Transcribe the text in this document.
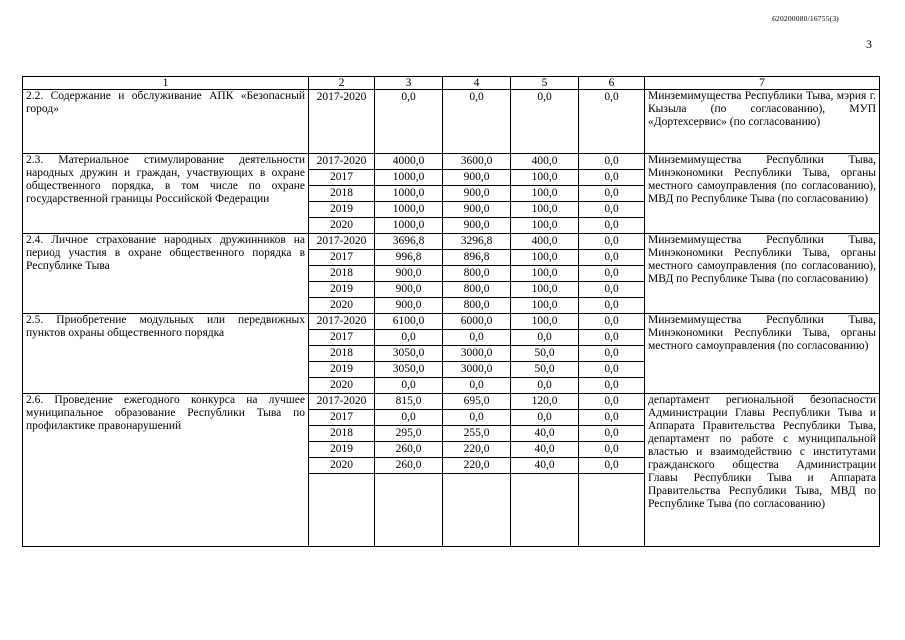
620200080/16755(3)
3
1	2	3	4	5	6	7
2.2. Содержание и обслуживание АПК «Безопасный город»	2017-2020	0,0	0,0	0,0	0,0	Минземимущества Республики Тыва, мэрия г. Кызыла (по согласованию), МУП «Дортехсервис» (по согласованию)
2.3. Материальное стимулирование деятельности народных дружин и граждан, участвующих в охране общественного порядка, в том числе по охране государственной границы Российской Федерации	2017-2020	4000,0	3600,0	400,0	0,0	Минземимущества Республики Тыва, Минэкономики Республики Тыва, органы местного самоуправления (по согласованию), МВД по Республике Тыва (по согласованию)
	2017	1000,0	900,0	100,0	0,0	
	2018	1000,0	900,0	100,0	0,0	
	2019	1000,0	900,0	100,0	0,0	
	2020	1000,0	900,0	100,0	0,0	
2.4. Личное страхование народных дружинников на период участия в охране общественного порядка в Республике Тыва	2017-2020	3696,8	3296,8	400,0	0,0	Минземимущества Республики Тыва, Минэкономики Республики Тыва, органы местного самоуправления (по согласованию), МВД по Республике Тыва (по согласованию)
	2017	996,8	896,8	100,0	0,0	
	2018	900,0	800,0	100,0	0,0	
	2019	900,0	800,0	100,0	0,0	
	2020	900,0	800,0	100,0	0,0	
2.5. Приобретение модульных или передвижных пунктов охраны общественного порядка	2017-2020	6100,0	6000,0	100,0	0,0	Минземимущества Республики Тыва, Минэкономики Республики Тыва, органы местного самоуправления (по согласованию)
	2017	0,0	0,0	0,0	0,0	
	2018	3050,0	3000,0	50,0	0,0	
	2019	3050,0	3000,0	50,0	0,0	
	2020	0,0	0,0	0,0	0,0	
2.6. Проведение ежегодного конкурса на лучшее муниципальное образование Республики Тыва по профилактике правонарушений	2017-2020	815,0	695,0	120,0	0,0	департамент региональной безопасности Администрации Главы Республики Тыва и Аппарата Правительства Республики Тыва, департамент по работе с муниципальной властью и взаимодействию с институтами гражданского общества Администрации Главы Республики Тыва и Аппарата Правительства Республики Тыва, МВД по Республике Тыва (по согласованию)
	2017	0,0	0,0	0,0	0,0	
	2018	295,0	255,0	40,0	0,0	
	2019	260,0	220,0	40,0	0,0	
	2020	260,0	220,0	40,0	0,0	
